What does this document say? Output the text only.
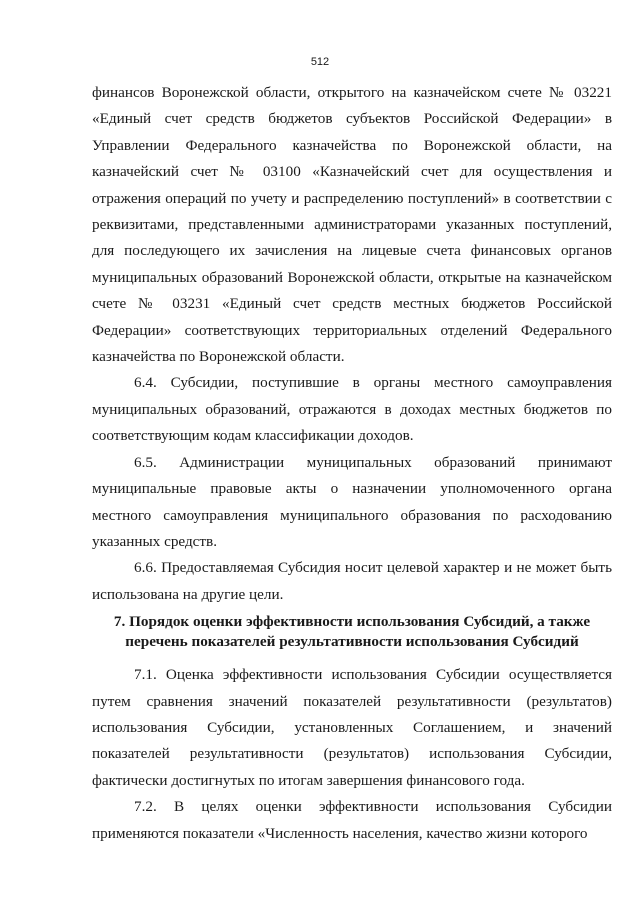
512

финансов Воронежской области, открытого на казначейском счете № 03221 «Единый счет средств бюджетов субъектов Российской Федерации» в Управлении Федерального казначейства по Воронежской области, на казначейский счет № 03100 «Казначейский счет для осуществления и отражения операций по учету и распределению поступлений» в соответствии с реквизитами, представленными администраторами указанных поступлений, для последующего их зачисления на лицевые счета финансовых органов муниципальных образований Воронежской области, открытые на казначейском счете № 03231 «Единый счет средств местных бюджетов Российской Федерации» соответствующих территориальных отделений Федерального казначейства по Воронежской области.

6.4. Субсидии, поступившие в органы местного самоуправления муниципальных образований, отражаются в доходах местных бюджетов по соответствующим кодам классификации доходов.

6.5. Администрации муниципальных образований принимают муниципальные правовые акты о назначении уполномоченного органа местного самоуправления муниципального образования по расходованию указанных средств.

6.6. Предоставляемая Субсидия носит целевой характер и не может быть использована на другие цели.

7. Порядок оценки эффективности использования Субсидий, а также
перечень показателей результативности использования Субсидий

7.1. Оценка эффективности использования Субсидии осуществляется путем сравнения значений показателей результативности (результатов) использования Субсидии, установленных Соглашением, и значений показателей результативности (результатов) использования Субсидии, фактически достигнутых по итогам завершения финансового года.

7.2. В целях оценки эффективности использования Субсидии применяются показатели «Численность населения, качество жизни которого
